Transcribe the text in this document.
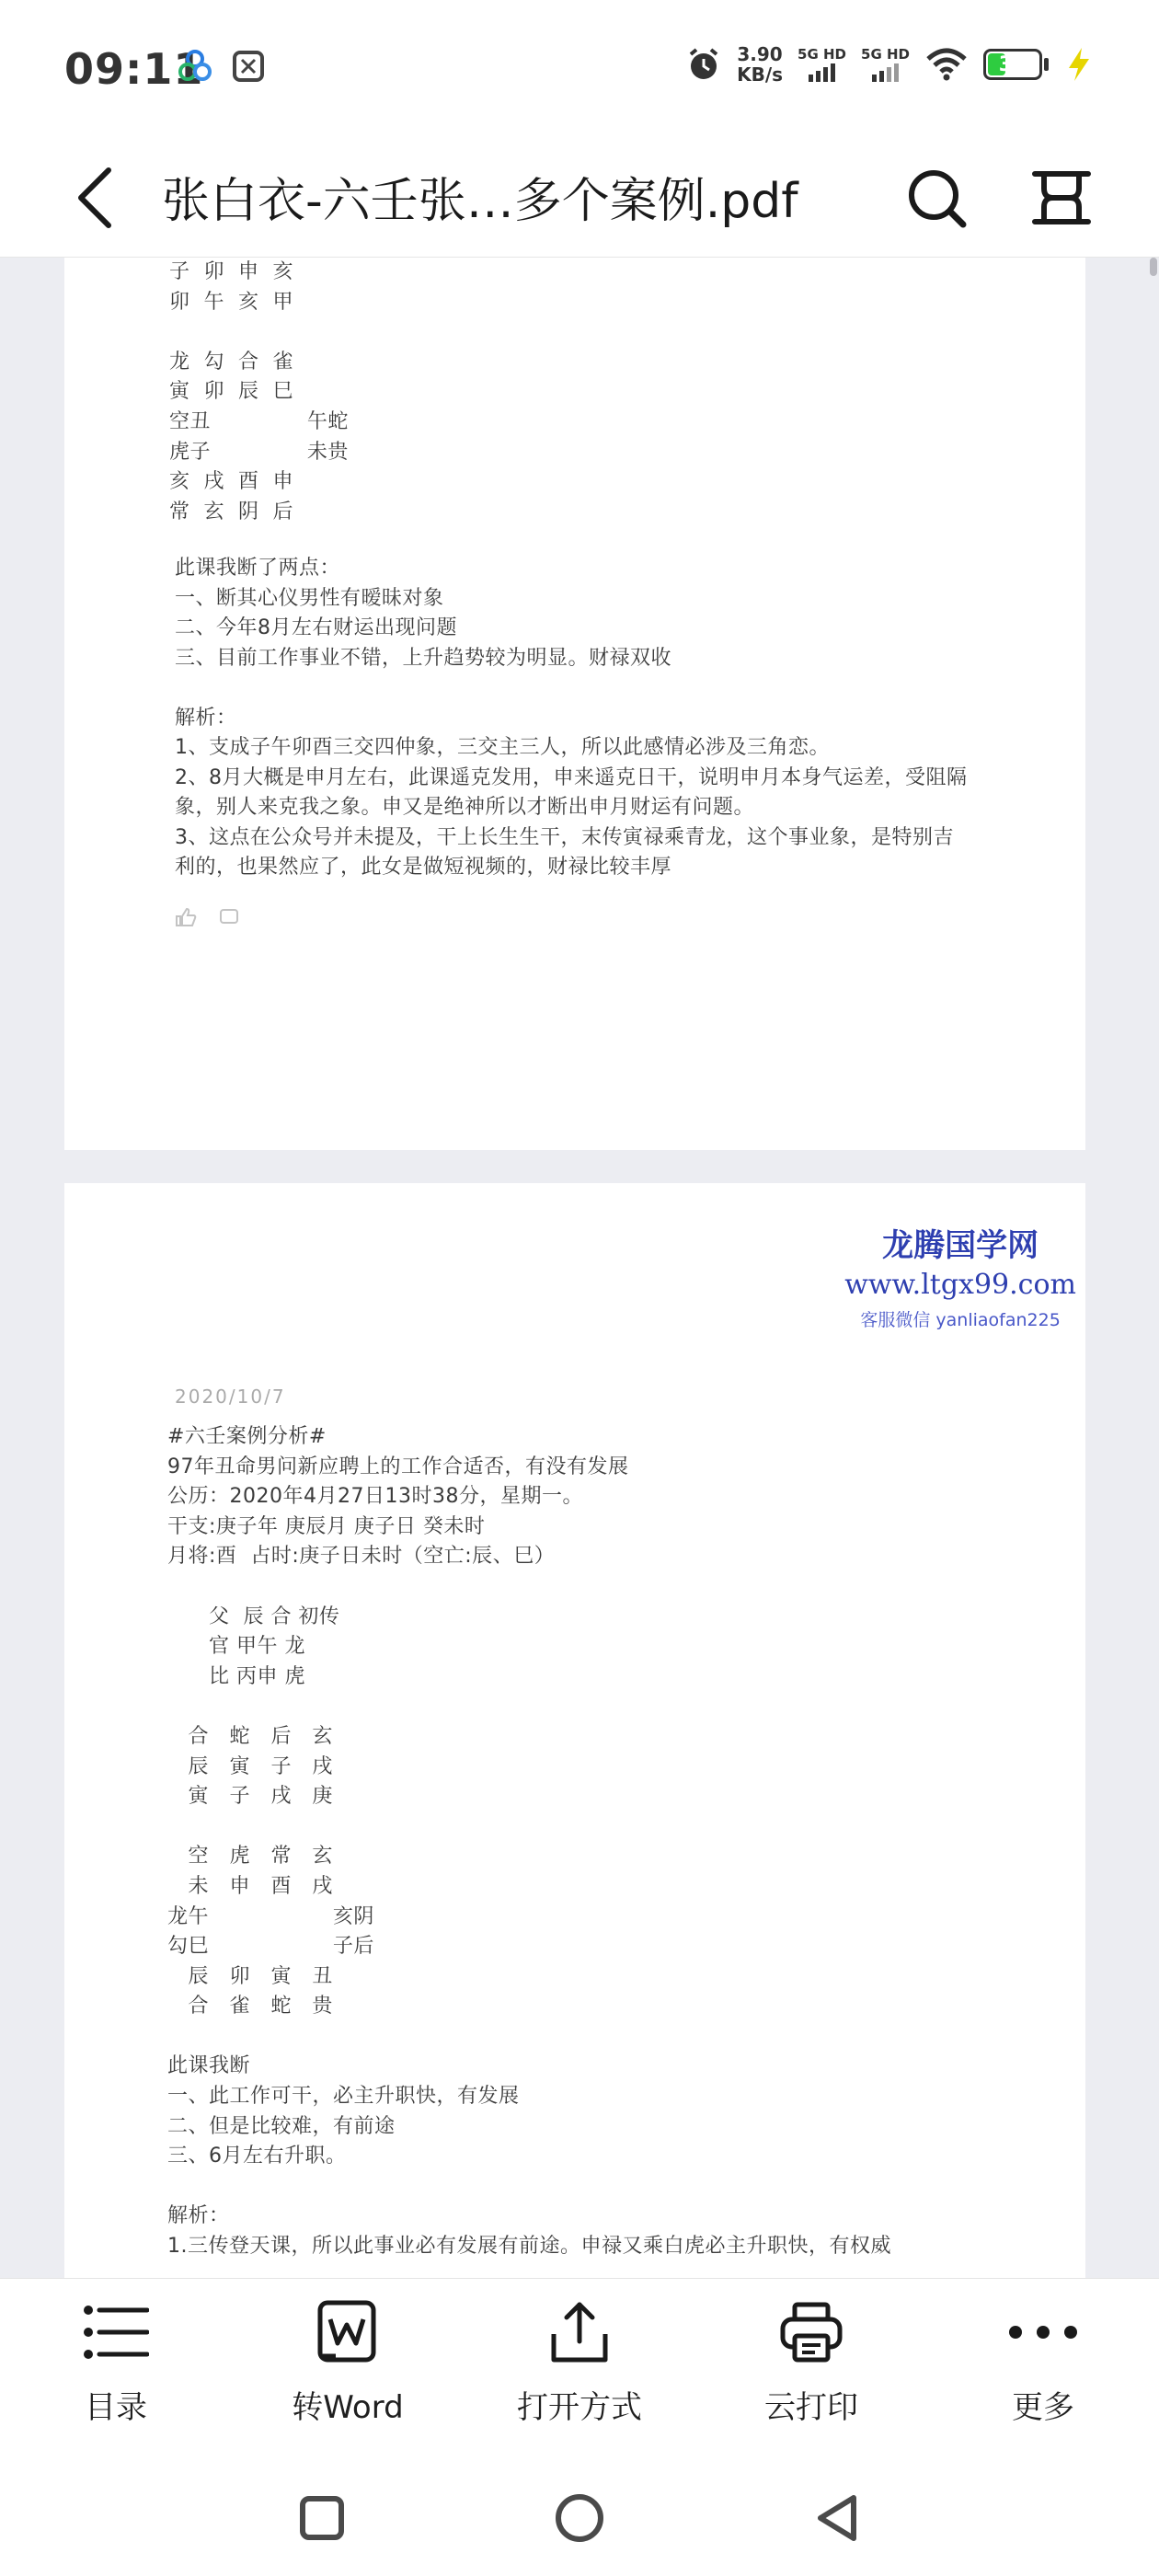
09:11	3.90
KB/s
5G HD 5G HD	39
张白衣-六壬张…多个案例.pdf
子  卯  申  亥
卯  午  亥  甲

龙  勾  合  雀
寅  卯  辰  巳
空丑              午蛇
虎子              未贵
亥  戌  酉  申
常  玄  阴  后
此课我断了两点：
一、断其心仪男性有暧昧对象
二、今年8月左右财运出现问题
三、目前工作事业不错，上升趋势较为明显。财禄双收

解析：
1、支成子午卯酉三交四仲象，三交主三人，所以此感情必涉及三角恋。
2、8月大概是申月左右，此课遥克发用，申来遥克日干，说明申月本身气运差，受阻隔
象，别人来克我之象。申又是绝神所以才断出申月财运有问题。
3、这点在公众号并未提及，干上长生生干，末传寅禄乘青龙，这个事业象，是特别吉
利的，也果然应了，此女是做短视频的，财禄比较丰厚
龙腾国学网
www.ltgx99.com
客服微信 yanliaofan225
2020/10/7
#六壬案例分析#
97年丑命男问新应聘上的工作合适否，有没有发展
公历：2020年4月27日13时38分，星期一。
干支:庚子年 庚辰月 庚子日 癸未时
月将:酉  占时:庚子日未时（空亡:辰、巳）

父  辰 合 初传
官 甲午 龙
比 丙申 虎

合   蛇   后   玄
辰   寅   子   戌
寅   子   戌   庚

空   虎   常   玄
未   申   酉   戌
龙午                  亥阴
勾巳                  子后
辰   卯   寅   丑
合   雀   蛇   贵

此课我断
一、此工作可干，必主升职快，有发展
二、但是比较难，有前途
三、6月左右升职。

解析：
1.三传登天课，所以此事业必有发展有前途。申禄又乘白虎必主升职快，有权威
目录	转Word	打开方式	云打印	更多
